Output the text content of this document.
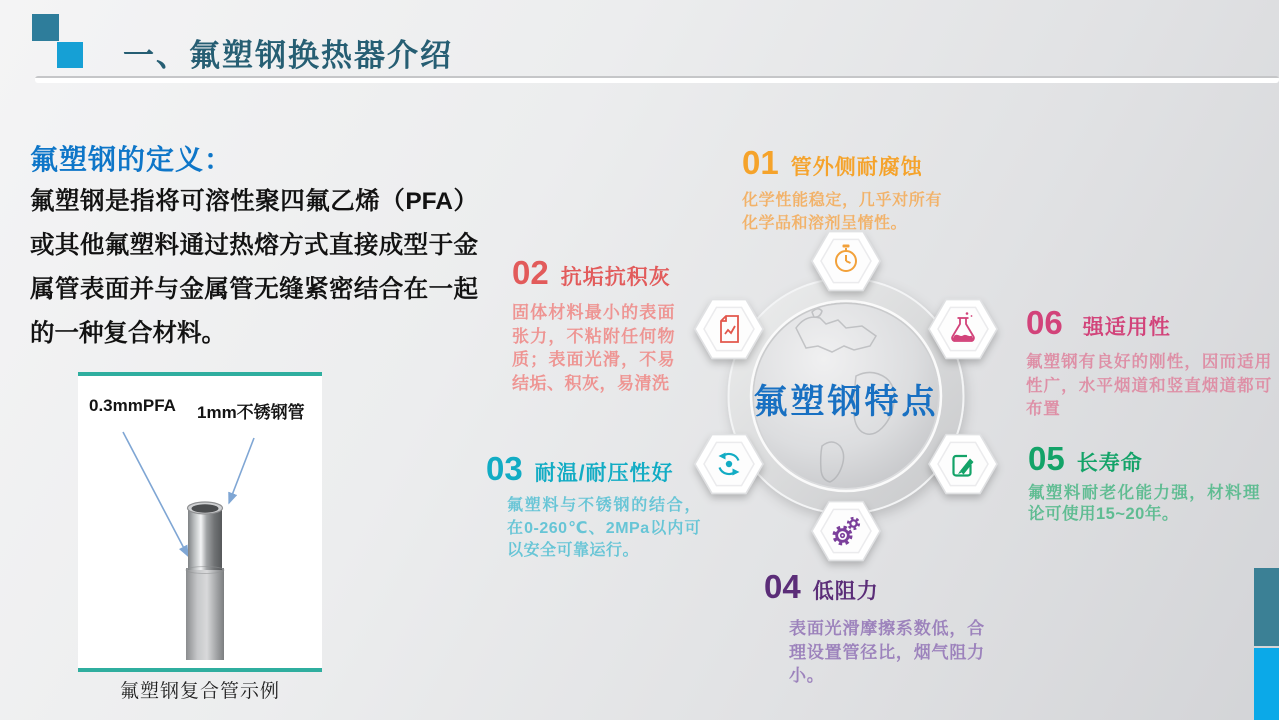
一、氟塑钢换热器介绍
氟塑钢的定义：

氟塑钢是指将可溶性聚四氟乙烯（PFA）或其他氟塑料通过热熔方式直接成型于金属管表面并与金属管无缝紧密结合在一起的一种复合材料。

0.3mmPFA 1mm不锈钢管
氟塑钢复合管示例
氟塑钢特点
01 管外侧耐腐蚀

化学性能稳定，几乎对所有化学品和溶剂呈惰性。

02 抗垢抗积灰

固体材料最小的表面张力，不粘附任何物质；表面光滑，不易结垢、积灰，易清洗

03 耐温/耐压性好

氟塑料与不锈钢的结合，在0-260℃、2MPa以内可以安全可靠运行。

04 低阻力

表面光滑摩擦系数低，合理设置管径比，烟气阻力小。

05 长寿命

氟塑料耐老化能力强，材料理论可使用15~20年。

06 强适用性

氟塑钢有良好的刚性，因而适用性广，水平烟道和竖直烟道都可布置
